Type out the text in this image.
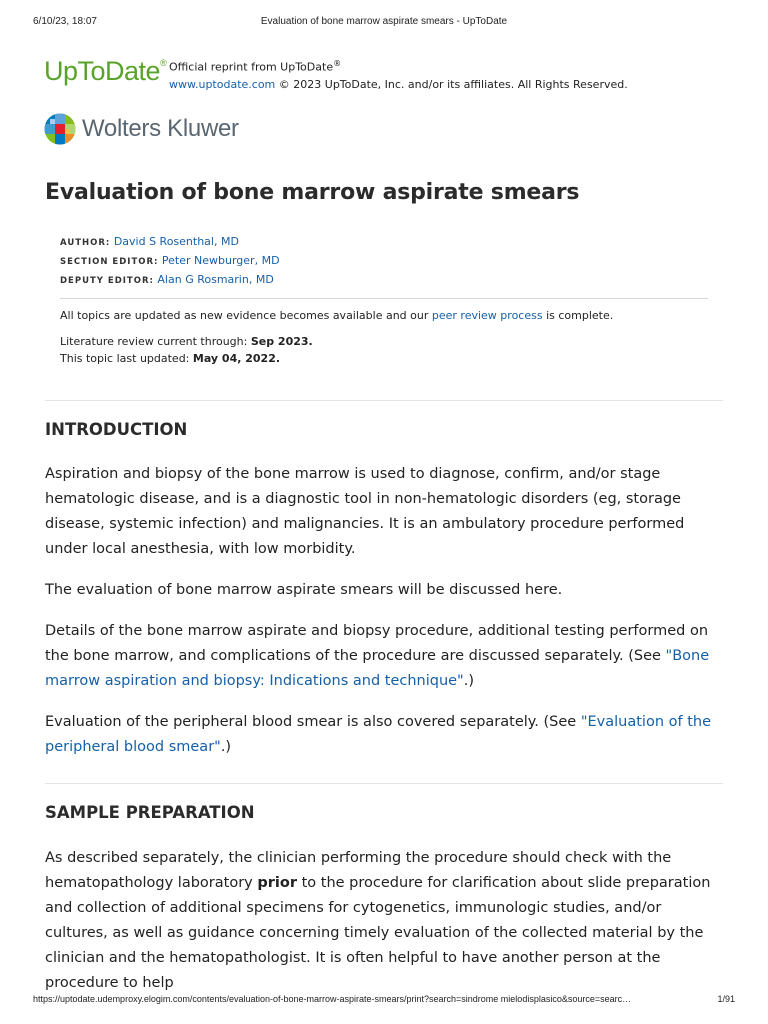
6/10/23, 18:07	Evaluation of bone marrow aspirate smears - UpToDate
UpToDate® Official reprint from UpToDate®
www.uptodate.com © 2023 UpToDate, Inc. and/or its affiliates. All Rights Reserved.
Wolters Kluwer
Evaluation of bone marrow aspirate smears
AUTHOR: David S Rosenthal, MD
SECTION EDITOR: Peter Newburger, MD
DEPUTY EDITOR: Alan G Rosmarin, MD
All topics are updated as new evidence becomes available and our peer review process is complete.
Literature review current through: Sep 2023.
This topic last updated: May 04, 2022.
INTRODUCTION

Aspiration and biopsy of the bone marrow is used to diagnose, confirm, and/or stage hematologic disease, and is a diagnostic tool in non-hematologic disorders (eg, storage disease, systemic infection) and malignancies. It is an ambulatory procedure performed under local anesthesia, with low morbidity.

The evaluation of bone marrow aspirate smears will be discussed here.

Details of the bone marrow aspirate and biopsy procedure, additional testing performed on the bone marrow, and complications of the procedure are discussed separately. (See "Bone marrow aspiration and biopsy: Indications and technique".)

Evaluation of the peripheral blood smear is also covered separately. (See "Evaluation of the peripheral blood smear".)

SAMPLE PREPARATION

As described separately, the clinician performing the procedure should check with the hematopathology laboratory prior to the procedure for clarification about slide preparation and collection of additional specimens for cytogenetics, immunologic studies, and/or cultures, as well as guidance concerning timely evaluation of the collected material by the clinician and the hematopathologist. It is often helpful to have another person at the procedure to help

https://uptodate.udemproxy.elogim.com/contents/evaluation-of-bone-marrow-aspirate-smears/print?search=sindrome mielodisplasico&source=searc…	1/91
